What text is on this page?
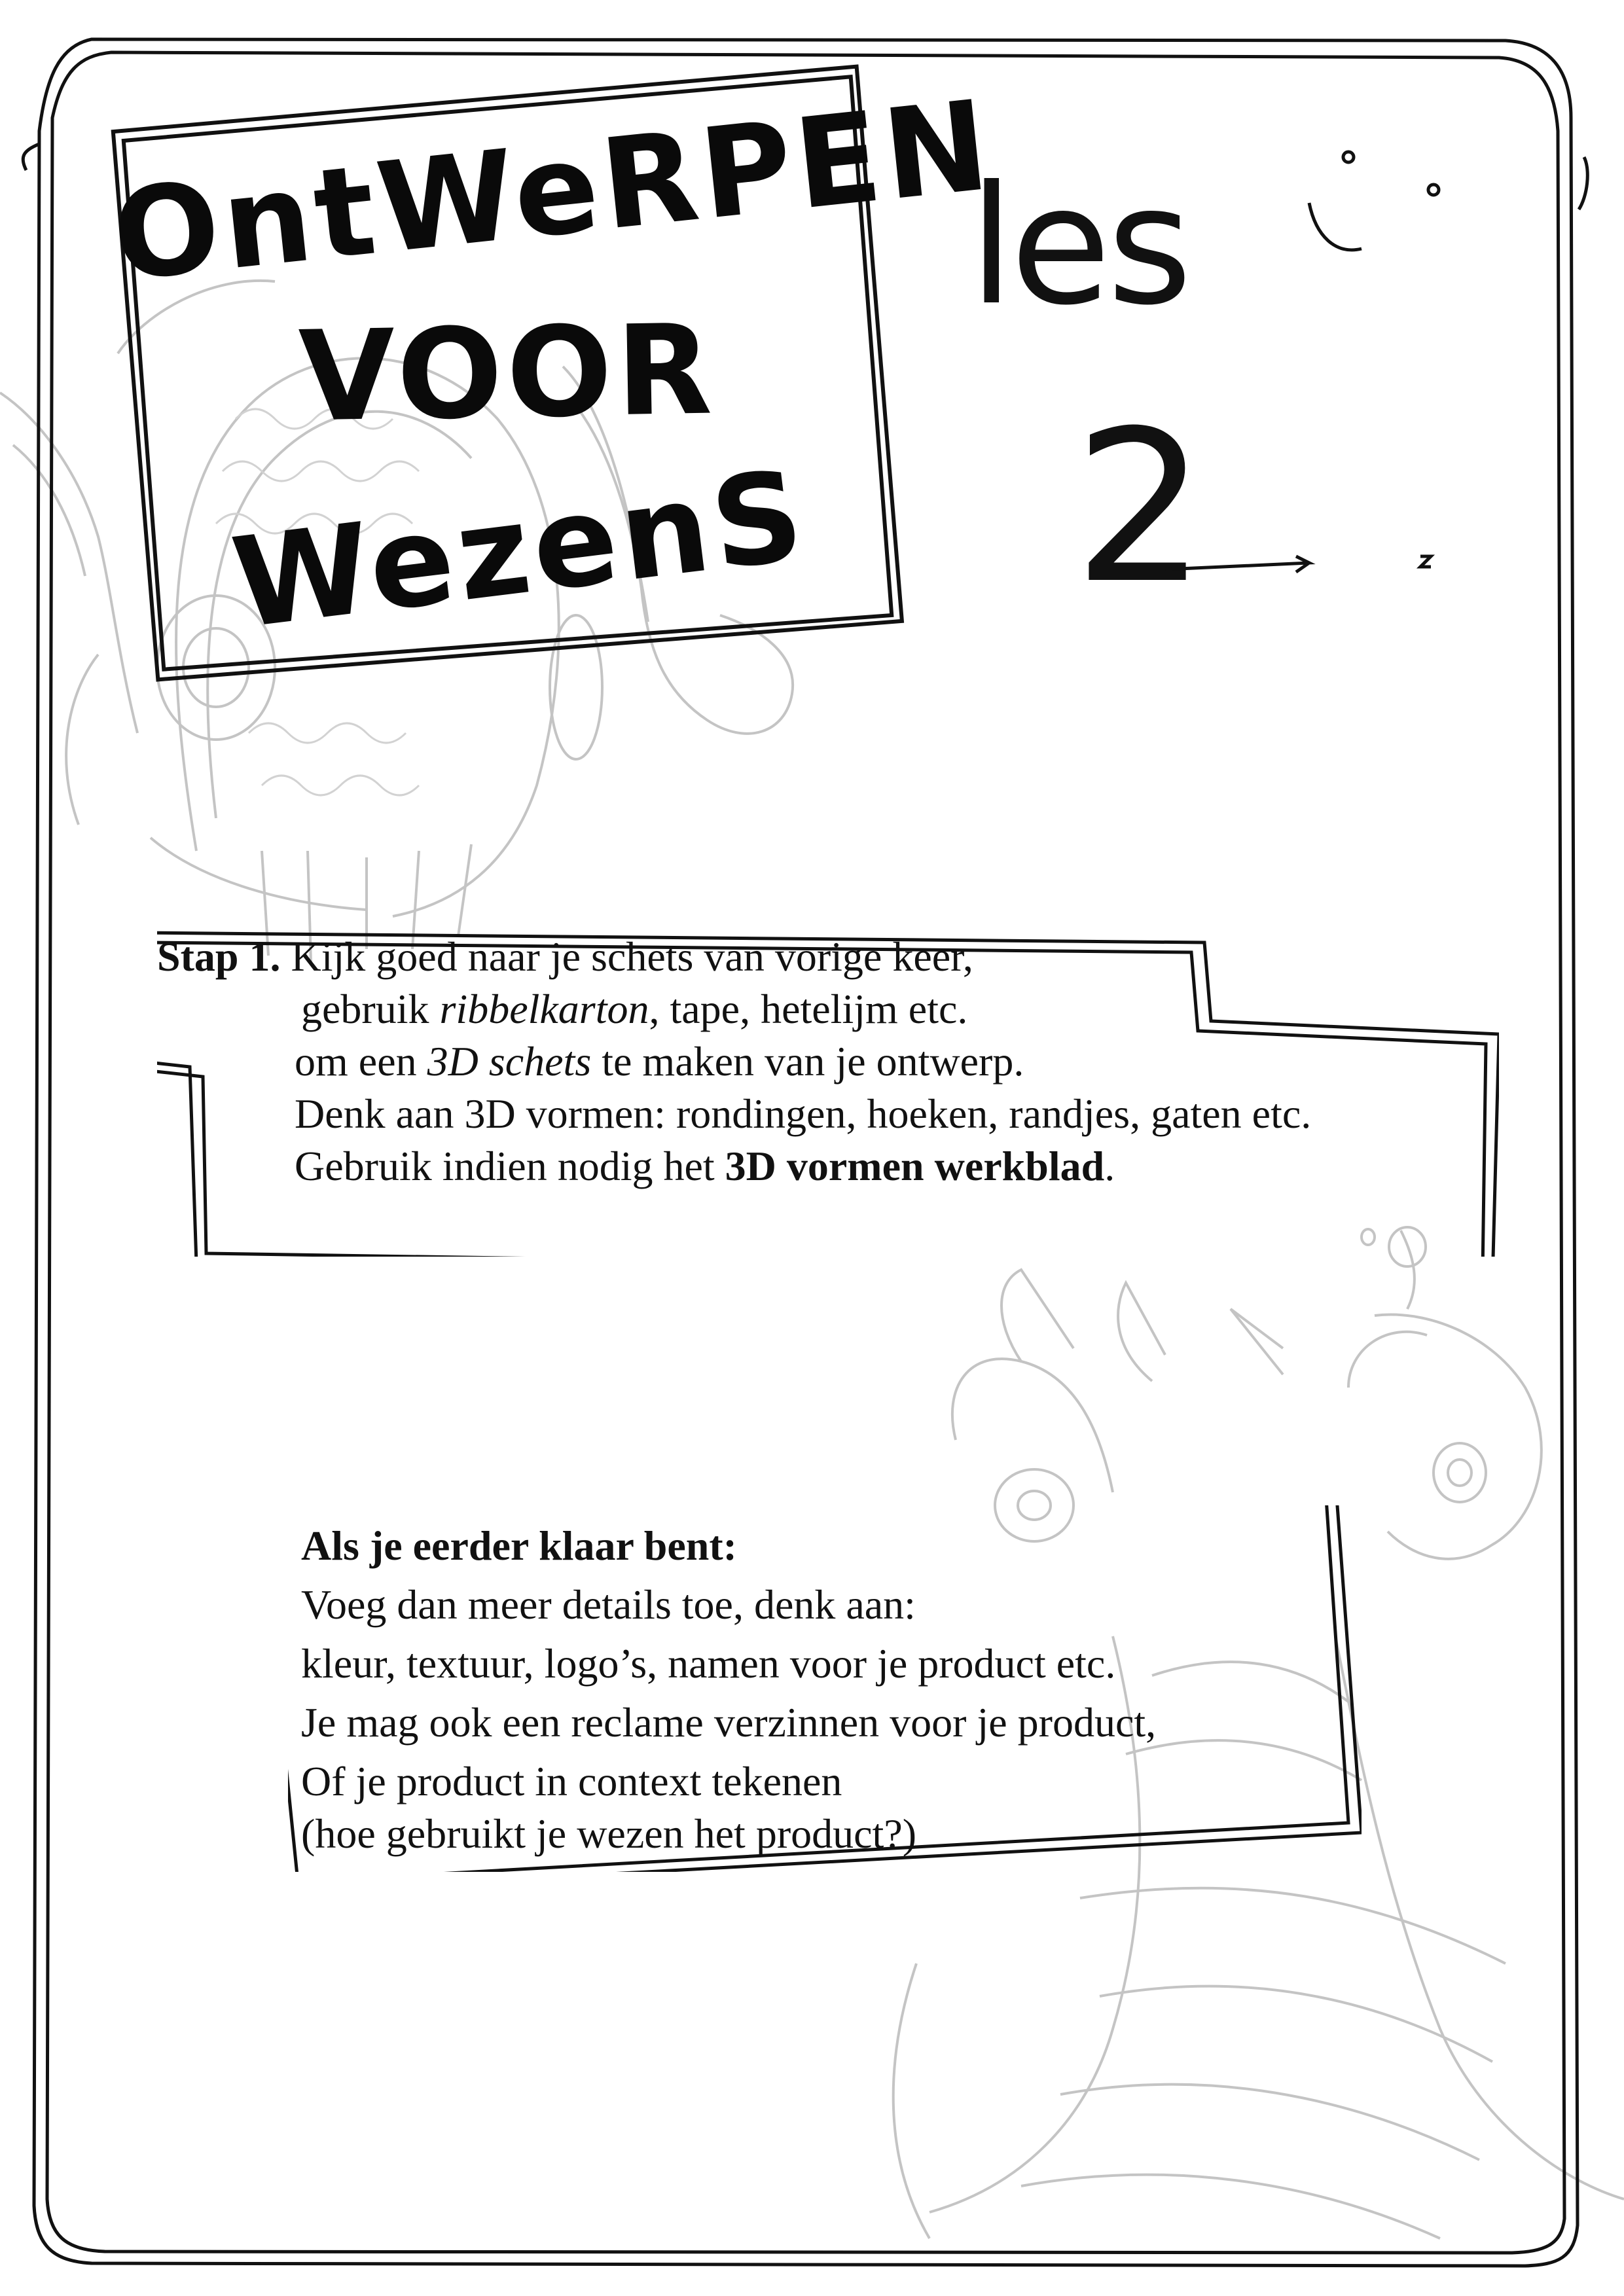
OntWeRPEN
VOOR
WezenS
les
2
Stap 1. Kijk goed naar je schets van vorige keer,
gebruik ribbelkarton, tape, hetelijm etc.
om een 3D schets te maken van je ontwerp.
Denk aan 3D vormen: rondingen, hoeken, randjes, gaten etc.
Gebruik indien nodig het 3D vormen werkblad.
Als je eerder klaar bent:
Voeg dan meer details toe, denk aan:
kleur, textuur, logo’s, namen voor je product etc.
Je mag ook een reclame verzinnen voor je product,
Of je product in context tekenen
(hoe gebruikt je wezen het product?)
